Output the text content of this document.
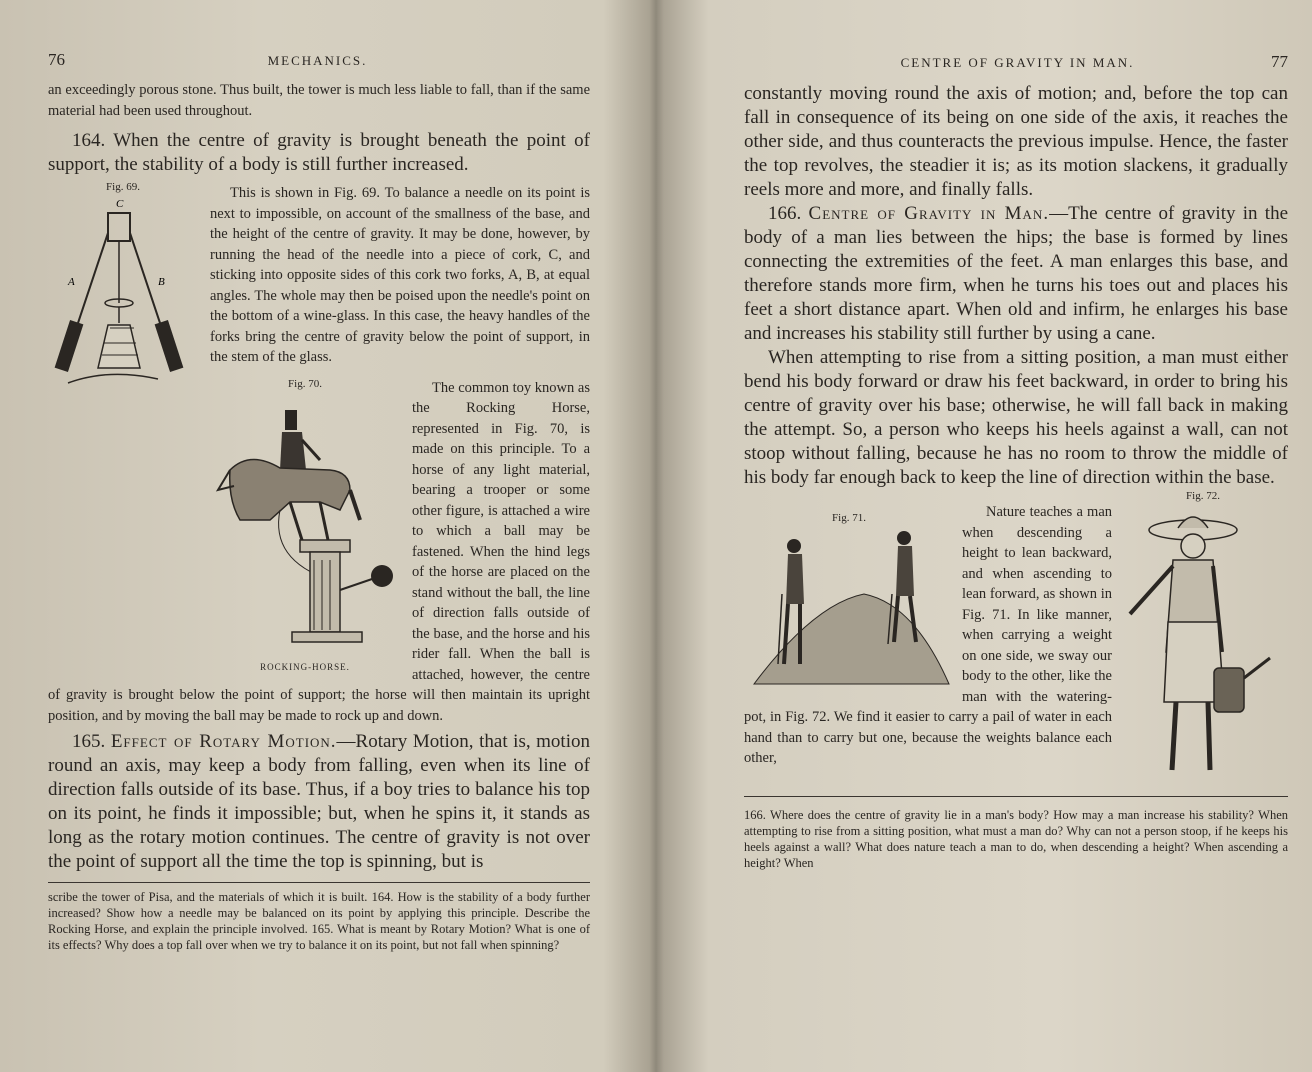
76	MECHANICS.

an exceedingly porous stone. Thus built, the tower is much less liable to fall, than if the same material had been used throughout.

164. When the centre of gravity is brought beneath the point of support, the stability of a body is still further increased.

Fig. 69.
C
A	B

This is shown in Fig. 69. To balance a needle on its point is next to impossible, on account of the smallness of the base, and the height of the centre of gravity. It may be done, however, by running the head of the needle into a piece of cork, C, and sticking into opposite sides of this cork two forks, A, B, at equal angles. The whole may then be poised upon the needle's point on the bottom of a wine-glass. In this case, the heavy handles of the forks bring the centre of gravity below the point of support, in the stem of the glass.

Fig. 70.
ROCKING-HORSE.

The common toy known as the Rocking Horse, represented in Fig. 70, is made on this principle. To a horse of any light material, bearing a trooper or some other figure, is attached a wire to which a ball may be fastened. When the hind legs of the horse are placed on the stand without the ball, the line of direction falls outside of the base, and the horse and his rider fall. When the ball is attached, however, the centre of gravity is brought below the point of support; the horse will then maintain its upright position, and by moving the ball may be made to rock up and down.

165. Effect of Rotary Motion.—Rotary Motion, that is, motion round an axis, may keep a body from falling, even when its line of direction falls outside of its base. Thus, if a boy tries to balance his top on its point, he finds it impossible; but, when he spins it, it stands as long as the rotary motion continues. The centre of gravity is not over the point of support all the time the top is spinning, but is

scribe the tower of Pisa, and the materials of which it is built. 164. How is the stability of a body further increased? Show how a needle may be balanced on its point by applying this principle. Describe the Rocking Horse, and explain the principle involved. 165. What is meant by Rotary Motion? What is one of its effects? Why does a top fall over when we try to balance it on its point, but not fall when spinning?

CENTRE OF GRAVITY IN MAN.	77

constantly moving round the axis of motion; and, before the top can fall in consequence of its being on one side of the axis, it reaches the other side, and thus counteracts the previous impulse. Hence, the faster the top revolves, the steadier it is; as its motion slackens, it gradually reels more and more, and finally falls.

166. Centre of Gravity in Man.—The centre of gravity in the body of a man lies between the hips; the base is formed by lines connecting the extremities of the feet. A man enlarges this base, and therefore stands more firm, when he turns his toes out and places his feet a short distance apart. When old and infirm, he enlarges his base and increases his stability still further by using a cane.

When attempting to rise from a sitting position, a man must either bend his body forward or draw his feet backward, in order to bring his centre of gravity over his base; otherwise, he will fall back in making the attempt. So, a person who keeps his heels against a wall, can not stoop without falling, because he has no room to throw the middle of his body far enough back to keep the line of direction within the base.

Fig. 71.
Fig. 72.

Nature teaches a man when descending a height to lean backward, and when ascending to lean forward, as shown in Fig. 71. In like manner, when carrying a weight on one side, we sway our body to the other, like the man with the watering-pot, in Fig. 72. We find it easier to carry a pail of water in each hand than to carry but one, because the weights balance each other,

166. Where does the centre of gravity lie in a man's body? How may a man increase his stability? When attempting to rise from a sitting position, what must a man do? Why can not a person stoop, if he keeps his heels against a wall? What does nature teach a man to do, when descending a height? When ascending a height? When
